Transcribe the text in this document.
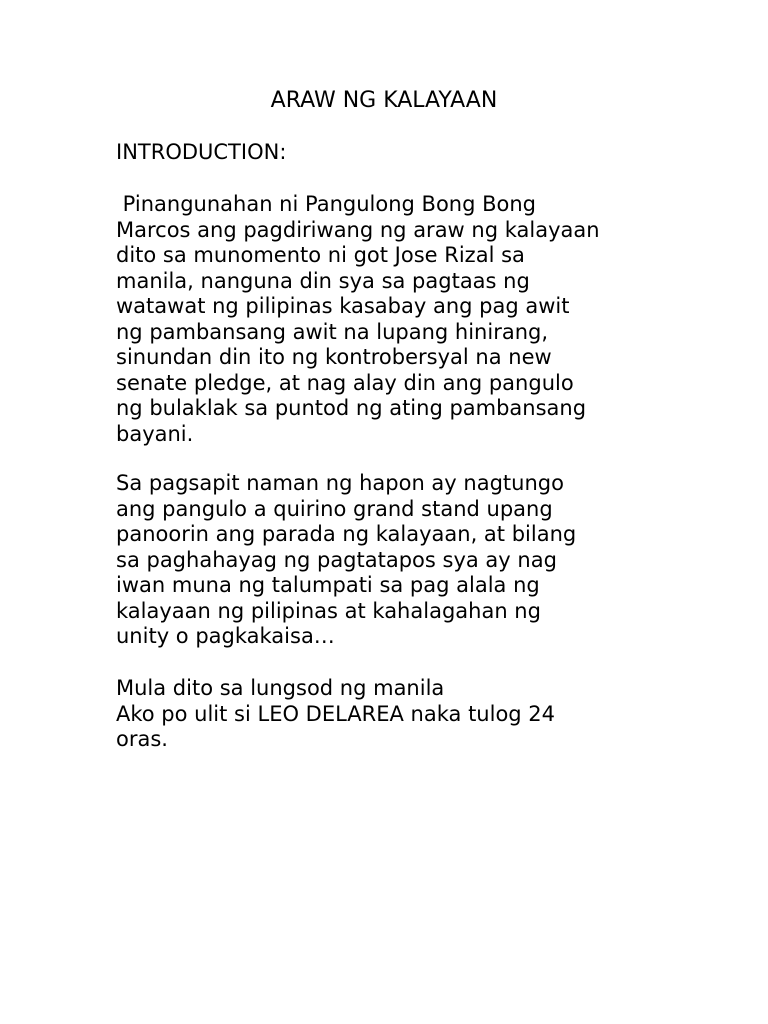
ARAW NG KALAYAAN
INTRODUCTION:
Pinangunahan ni Pangulong Bong Bong
Marcos ang pagdiriwang ng araw ng kalayaan
dito sa munomento ni got Jose Rizal sa
manila, nanguna din sya sa pagtaas ng
watawat ng pilipinas kasabay ang pag awit
ng pambansang awit na lupang hinirang,
sinundan din ito ng kontrobersyal na new
senate pledge, at nag alay din ang pangulo
ng bulaklak sa puntod ng ating pambansang
bayani.
Sa pagsapit naman ng hapon ay nagtungo
ang pangulo a quirino grand stand upang
panoorin ang parada ng kalayaan, at bilang
sa paghahayag ng pagtatapos sya ay nag
iwan muna ng talumpati sa pag alala ng
kalayaan ng pilipinas at kahalagahan ng
unity o pagkakaisa…
Mula dito sa lungsod ng manila
Ako po ulit si LEO DELAREA naka tulog 24
oras.
